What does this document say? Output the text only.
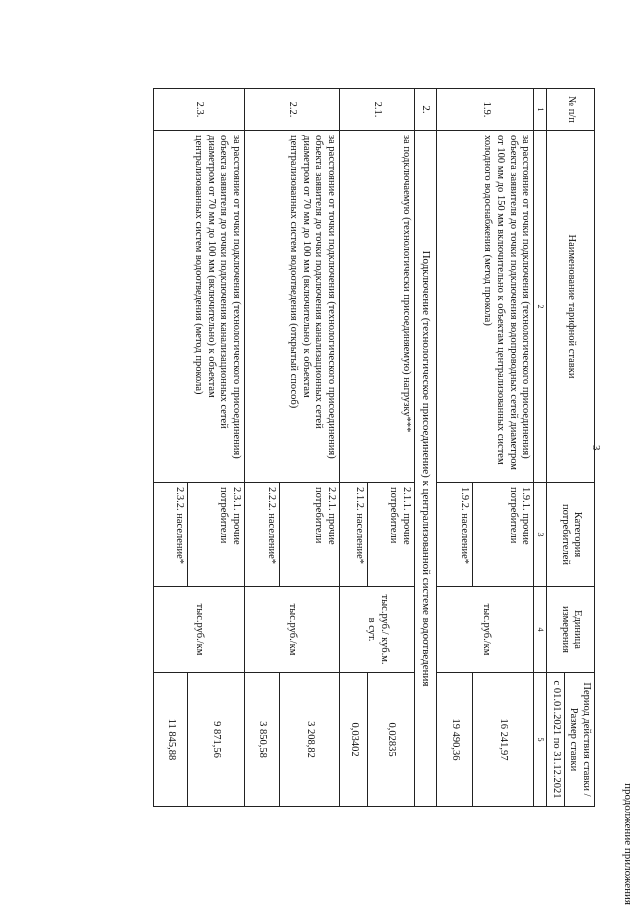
продолжение приложения
3
№ п/п	Наименование тарифной ставки	Категория потребителей	Единица измерения	Период действия ставки /Размер ставки
				с 01.01.2021 по 31.12.2021
1	2	3	4	5
1.9.	за расстояние от точки подключения (технологического присоединения) объекта заявителя до точки подключения водопроводных сетей диаметром от 100 мм до 150 мм включительно к объектам централизованных систем холодного водоснабжения (метод прокола)	1.9.1. прочие потребители	тыс.руб./км	16 241,97
		1.9.2. население*		19 490,36
2.	Подключение (технологическое присоединение) к централизованной системе водоотведения			
2.1.	за подключаемую (технологически присоединяемую) нагрузку***	2.1.1. прочие потребители	тыс.руб./ куб.м. в сут.	0,02835
		2.1.2. население*		0,03402
2.2.	за расстояние от точки подключения (технологического присоединения) объекта заявителя до точки подключения канализационных сетей диаметром от 70 мм до 100 мм (включительно) к объектам централизованных систем водоотведения (открытый способ)	2.2.1. прочие потребители	тыс.руб./км	3 208,82
		2.2.2. население*		3 850,58
2.3.	за расстояние от точки подключения (технологического присоединения) объекта заявителя до точки подключения канализационных сетей диаметром от 70 мм до 100 мм (включительно) к объектам централизованных систем водоотведения (метод прокола)	2.3.1. прочие потребители	тыс.руб./км	9 871,56
		2.3.2. население*		11 845,88
